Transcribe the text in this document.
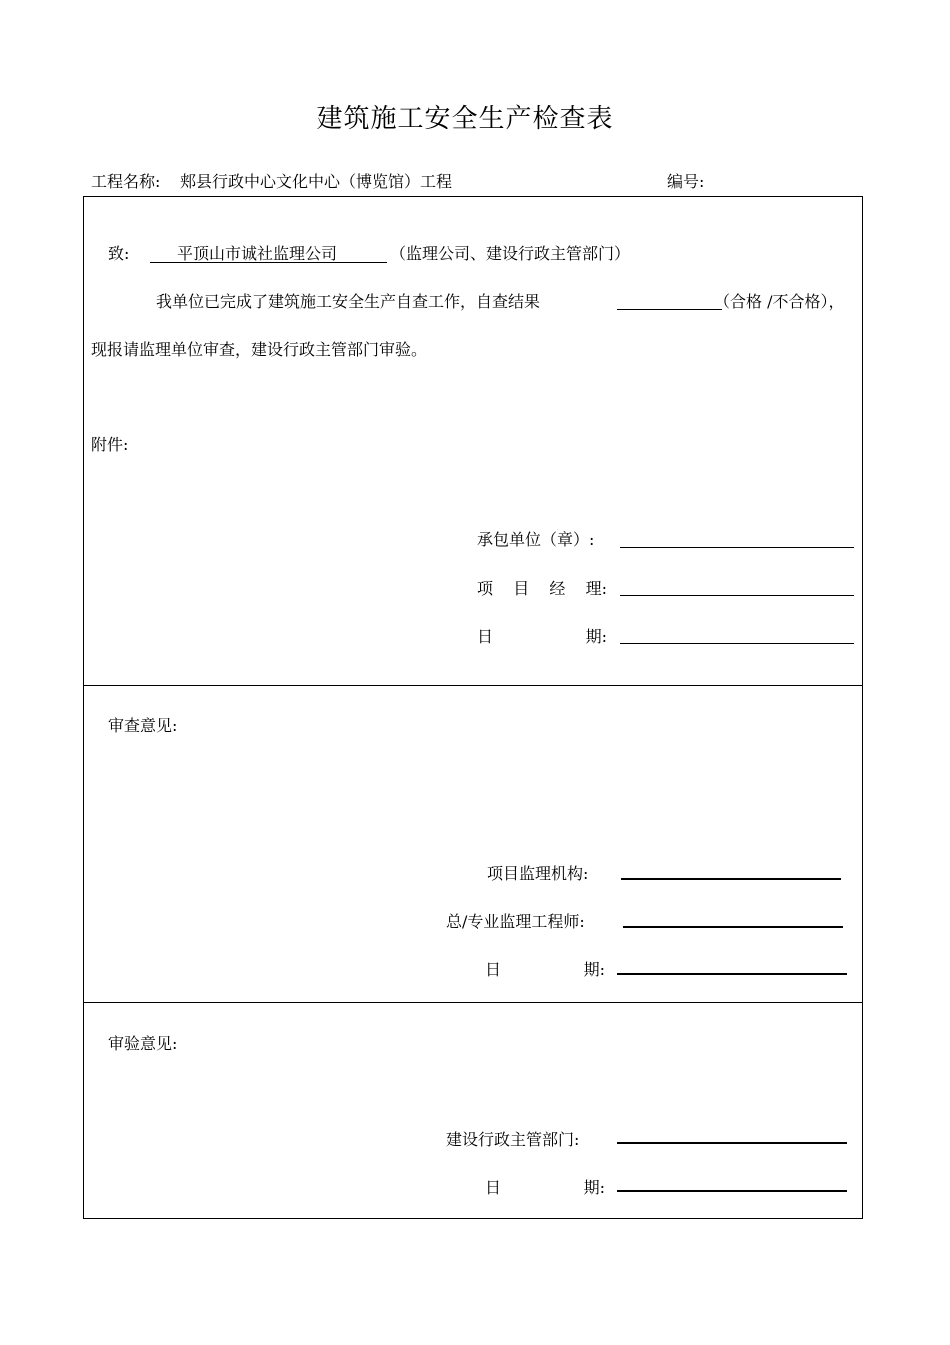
建筑施工安全生产检查表
工程名称: 郏县行政中心文化中心（博览馆）工程	编号:
致:	平顶山市诚社监理公司	（监理公司、建设行政主管部门）
我单位已完成了建筑施工安全生产自查工作，自查结果	（合格 /不合格），
现报请监理单位审查，建设行政主管部门审验。
附件:
承包单位（章）:
项 目 经 理:
日	期:
审查意见:
项目监理机构:
总/专业监理工程师:
日	期:
审验意见:
建设行政主管部门:
日	期:
